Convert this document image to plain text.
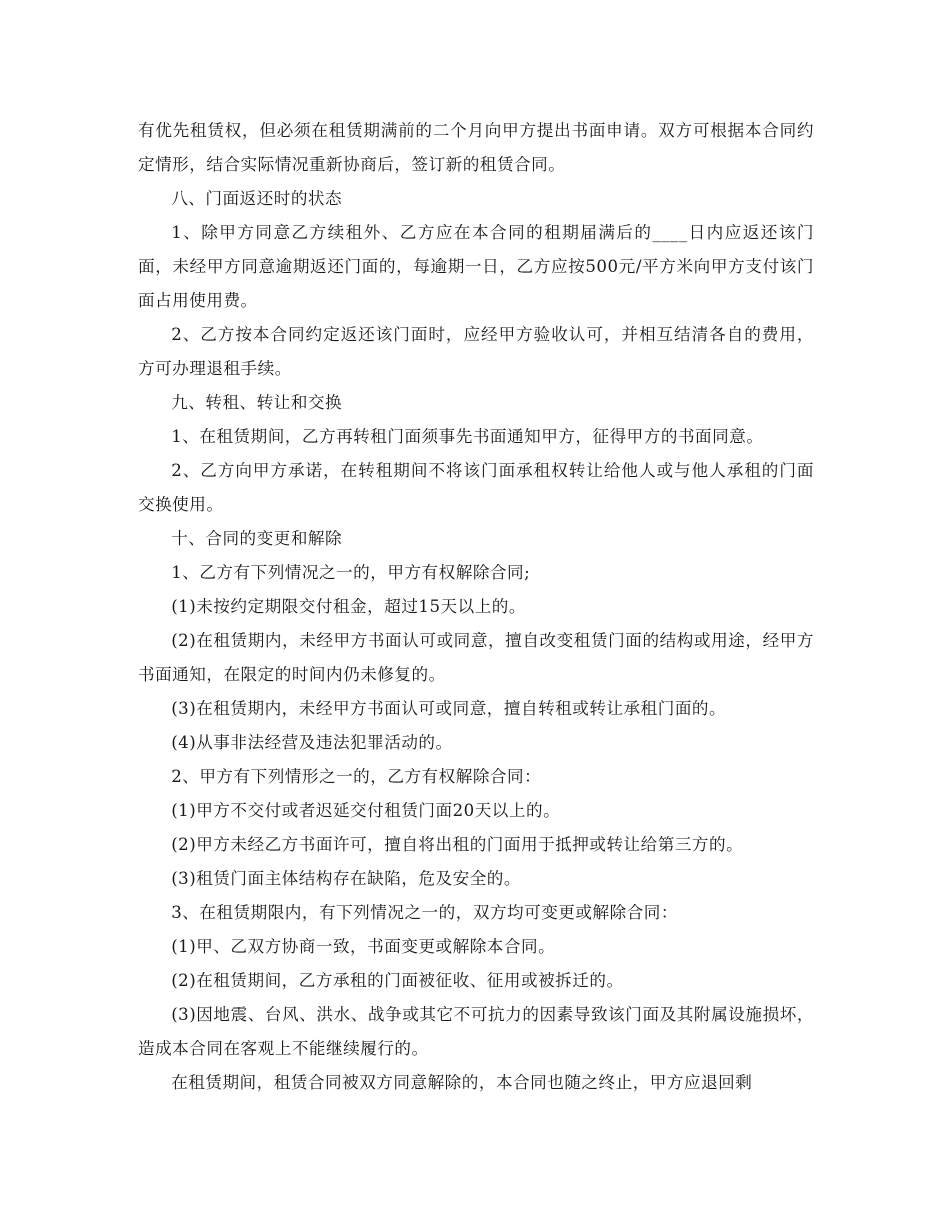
有优先租赁权，但必须在租赁期满前的二个月向甲方提出书面申请。双方可根据本合同约定情形，结合实际情况重新协商后，签订新的租赁合同。

八、门面返还时的状态

1、除甲方同意乙方续租外、乙方应在本合同的租期届满后的____日内应返还该门面，未经甲方同意逾期返还门面的，每逾期一日，乙方应按500元/平方米向甲方支付该门面占用使用费。

2、乙方按本合同约定返还该门面时，应经甲方验收认可，并相互结清各自的费用，方可办理退租手续。

九、转租、转让和交换

1、在租赁期间，乙方再转租门面须事先书面通知甲方，征得甲方的书面同意。

2、乙方向甲方承诺，在转租期间不将该门面承租权转让给他人或与他人承租的门面交换使用。

十、合同的变更和解除

1、乙方有下列情况之一的，甲方有权解除合同;

(1)未按约定期限交付租金，超过15天以上的。

(2)在租赁期内，未经甲方书面认可或同意，擅自改变租赁门面的结构或用途，经甲方书面通知，在限定的时间内仍未修复的。

(3)在租赁期内，未经甲方书面认可或同意，擅自转租或转让承租门面的。

(4)从事非法经营及违法犯罪活动的。

2、甲方有下列情形之一的，乙方有权解除合同：

(1)甲方不交付或者迟延交付租赁门面20天以上的。

(2)甲方未经乙方书面许可，擅自将出租的门面用于抵押或转让给第三方的。

(3)租赁门面主体结构存在缺陷，危及安全的。

3、在租赁期限内，有下列情况之一的，双方均可变更或解除合同：

(1)甲、乙双方协商一致，书面变更或解除本合同。

(2)在租赁期间，乙方承租的门面被征收、征用或被拆迁的。

(3)因地震、台风、洪水、战争或其它不可抗力的因素导致该门面及其附属设施损坏，造成本合同在客观上不能继续履行的。

在租赁期间，租赁合同被双方同意解除的，本合同也随之终止，甲方应退回剩
